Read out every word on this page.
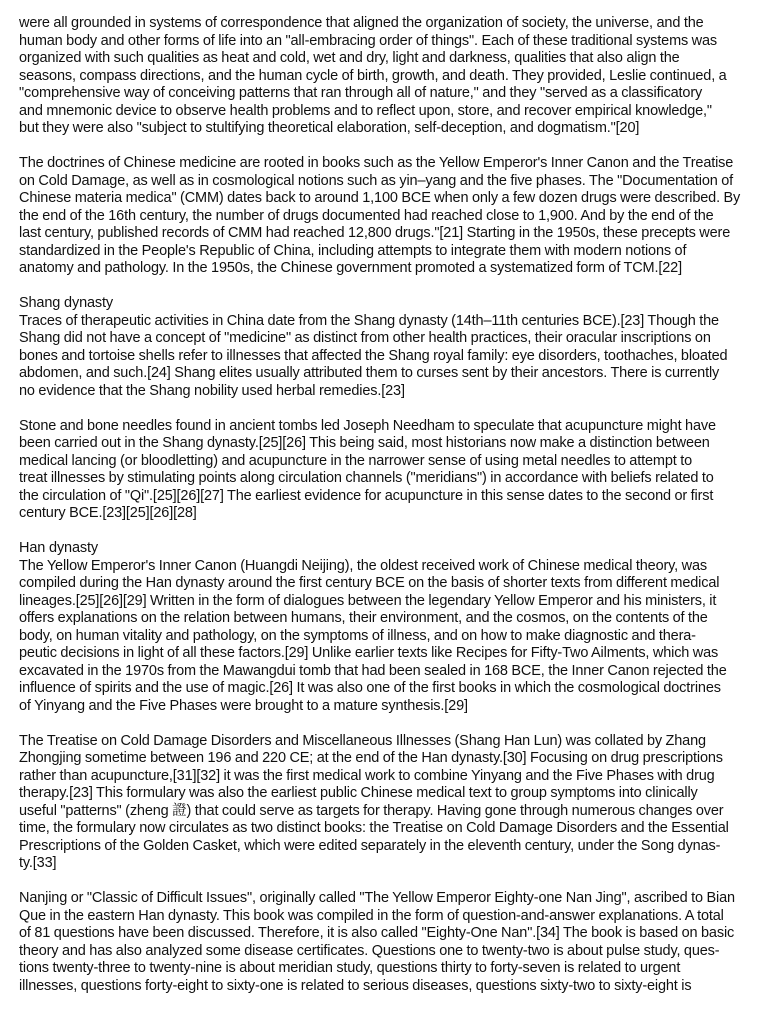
were all grounded in systems of correspondence that aligned the organization of society, the universe, and the
human body and other forms of life into an "all-embracing order of things". Each of these traditional systems was
organized with such qualities as heat and cold, wet and dry, light and darkness, qualities that also align the
seasons, compass directions, and the human cycle of birth, growth, and death. They provided, Leslie continued, a
"comprehensive way of conceiving patterns that ran through all of nature," and they "served as a classificatory
and mnemonic device to observe health problems and to reflect upon, store, and recover empirical knowledge,"
but they were also "subject to stultifying theoretical elaboration, self-deception, and dogmatism."[20]

The doctrines of Chinese medicine are rooted in books such as the Yellow Emperor's Inner Canon and the Treatise
on Cold Damage, as well as in cosmological notions such as yin–yang and the five phases. The "Documentation of
Chinese materia medica" (CMM) dates back to around 1,100 BCE when only a few dozen drugs were described. By
the end of the 16th century, the number of drugs documented had reached close to 1,900. And by the end of the
last century, published records of CMM had reached 12,800 drugs."[21] Starting in the 1950s, these precepts were
standardized in the People's Republic of China, including attempts to integrate them with modern notions of
anatomy and pathology. In the 1950s, the Chinese government promoted a systematized form of TCM.[22]

Shang dynasty

Traces of therapeutic activities in China date from the Shang dynasty (14th–11th centuries BCE).[23] Though the
Shang did not have a concept of "medicine" as distinct from other health practices, their oracular inscriptions on
bones and tortoise shells refer to illnesses that affected the Shang royal family: eye disorders, toothaches, bloated
abdomen, and such.[24] Shang elites usually attributed them to curses sent by their ancestors. There is currently
no evidence that the Shang nobility used herbal remedies.[23]

Stone and bone needles found in ancient tombs led Joseph Needham to speculate that acupuncture might have
been carried out in the Shang dynasty.[25][26] This being said, most historians now make a distinction between
medical lancing (or bloodletting) and acupuncture in the narrower sense of using metal needles to attempt to
treat illnesses by stimulating points along circulation channels ("meridians") in accordance with beliefs related to
the circulation of "Qi".[25][26][27] The earliest evidence for acupuncture in this sense dates to the second or first
century BCE.[23][25][26][28]

Han dynasty

The Yellow Emperor's Inner Canon (Huangdi Neijing), the oldest received work of Chinese medical theory, was
compiled during the Han dynasty around the first century BCE on the basis of shorter texts from different medical
lineages.[25][26][29] Written in the form of dialogues between the legendary Yellow Emperor and his ministers, it
offers explanations on the relation between humans, their environment, and the cosmos, on the contents of the
body, on human vitality and pathology, on the symptoms of illness, and on how to make diagnostic and thera-
peutic decisions in light of all these factors.[29] Unlike earlier texts like Recipes for Fifty-Two Ailments, which was
excavated in the 1970s from the Mawangdui tomb that had been sealed in 168 BCE, the Inner Canon rejected the
influence of spirits and the use of magic.[26] It was also one of the first books in which the cosmological doctrines
of Yinyang and the Five Phases were brought to a mature synthesis.[29]

The Treatise on Cold Damage Disorders and Miscellaneous Illnesses (Shang Han Lun) was collated by Zhang
Zhongjing sometime between 196 and 220 CE; at the end of the Han dynasty.[30] Focusing on drug prescriptions
rather than acupuncture,[31][32] it was the first medical work to combine Yinyang and the Five Phases with drug
therapy.[23] This formulary was also the earliest public Chinese medical text to group symptoms into clinically
useful "patterns" (zheng 證) that could serve as targets for therapy. Having gone through numerous changes over
time, the formulary now circulates as two distinct books: the Treatise on Cold Damage Disorders and the Essential
Prescriptions of the Golden Casket, which were edited separately in the eleventh century, under the Song dynas-
ty.[33]

Nanjing or "Classic of Difficult Issues", originally called "The Yellow Emperor Eighty-one Nan Jing", ascribed to Bian
Que in the eastern Han dynasty. This book was compiled in the form of question-and-answer explanations. A total
of 81 questions have been discussed. Therefore, it is also called "Eighty-One Nan".[34] The book is based on basic
theory and has also analyzed some disease certificates. Questions one to twenty-two is about pulse study, ques-
tions twenty-three to twenty-nine is about meridian study, questions thirty to forty-seven is related to urgent
illnesses, questions forty-eight to sixty-one is related to serious diseases, questions sixty-two to sixty-eight is
